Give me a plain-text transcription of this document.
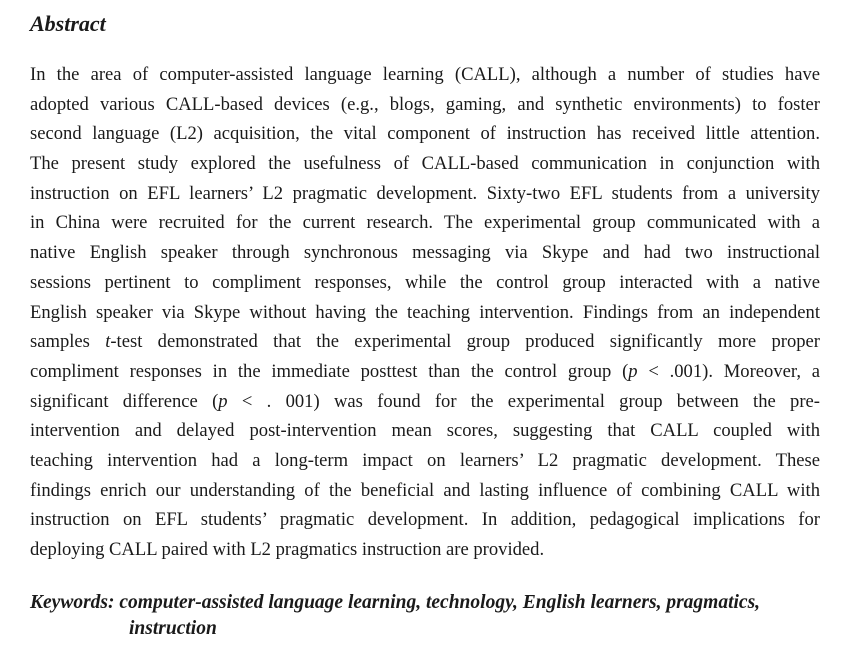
Abstract
In the area of computer-assisted language learning (CALL), although a number of studies have
adopted various CALL-based devices (e.g., blogs, gaming, and synthetic environments) to foster
second language (L2) acquisition, the vital component of instruction has received little attention.
The present study explored the usefulness of CALL-based communication in conjunction with
instruction on EFL learners’ L2 pragmatic development. Sixty-two EFL students from a university
in China were recruited for the current research. The experimental group communicated with a
native English speaker through synchronous messaging via Skype and had two instructional
sessions pertinent to compliment responses, while the control group interacted with a native
English speaker via Skype without having the teaching intervention. Findings from an independent
samples t-test demonstrated that the experimental group produced significantly more proper
compliment responses in the immediate posttest than the control group (p < .001). Moreover, a
significant difference (p < . 001) was found for the experimental group between the pre-
intervention and delayed post-intervention mean scores, suggesting that CALL coupled with
teaching intervention had a long-term impact on learners’ L2 pragmatic development. These
findings enrich our understanding of the beneficial and lasting influence of combining CALL with
instruction on EFL students’ pragmatic development. In addition, pedagogical implications for
deploying CALL paired with L2 pragmatics instruction are provided.
Keywords: computer-assisted language learning, technology, English learners, pragmatics,
instruction
